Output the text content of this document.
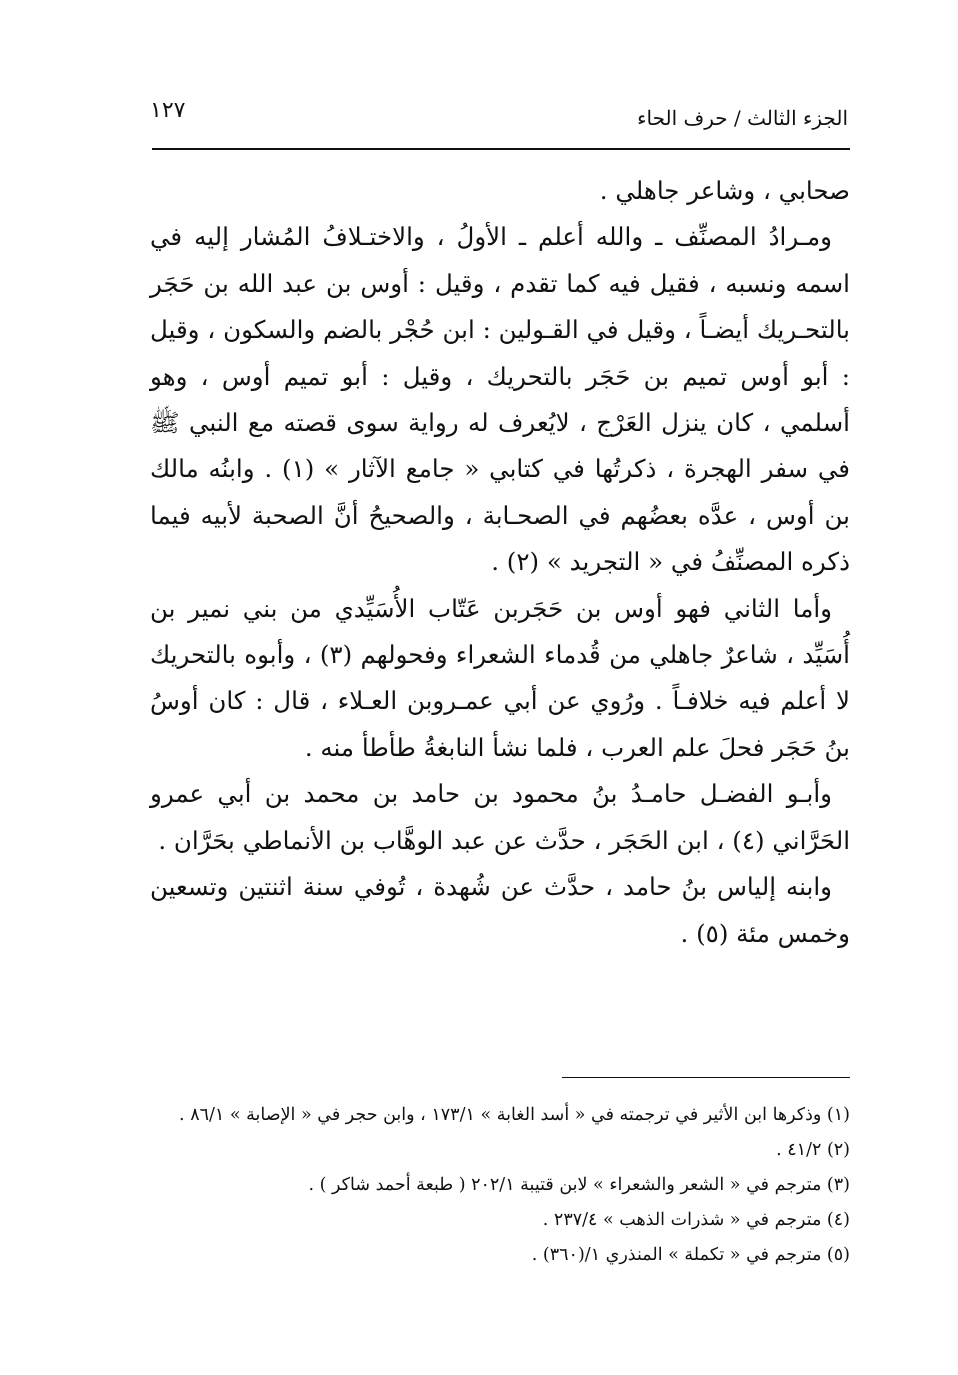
الجزء الثالث / حرف الحاء
١٢٧

صحابي ، وشاعر جاهلي .

ومـرادُ المصنِّف ـ والله أعلم ـ الأولُ ، والاختـلافُ المُشار إليه في اسمه ونسبه ، فقيل فيه كما تقدم ، وقيل : أوس بن عبد الله بن حَجَر بالتحـريك أيضـاً ، وقيل في القـولين : ابن حُجْر بالضم والسكون ، وقيل : أبو أوس تميم بن حَجَر بالتحريك ، وقيل : أبو تميم أوس ، وهو أسلمي ، كان ينزل العَرْج ، لايُعرف له رواية سوى قصته مع النبي ﷺ في سفر الهجرة ، ذكرتُها في كتابي « جامع الآثار » (١) . وابنُه مالك بن أوس ، عدَّه بعضُهم في الصحـابة ، والصحيحُ أنَّ الصحبة لأبيه فيما ذكره المصنِّفُ في « التجريد » (٢) .

وأما الثاني فهو أوس بن حَجَربن عَتّاب الأُسَيِّدي من بني نمير بن أُسَيِّد ، شاعرٌ جاهلي من قُدماء الشعراء وفحولهم (٣) ، وأبوه بالتحريك لا أعلم فيه خلافـاً . ورُوي عن أبي عمـروبن العـلاء ، قال : كان أوسُ بنُ حَجَر فحلَ علم العرب ، فلما نشأ النابغةُ طأطأ منه .

وأبـو الفضـل حامـدُ بنُ محمود بن حامد بن محمد بن أبي عمرو الحَرَّاني (٤) ، ابن الحَجَر ، حدَّث عن عبد الوهَّاب بن الأنماطي بحَرَّان .

وابنه إلياس بنُ حامد ، حدَّث عن شُهدة ، تُوفي سنة اثنتين وتسعين وخمس مئة (٥) .

(١) وذكرها ابن الأثير في ترجمته في « أسد الغابة » ١٧٣/١ ، وابن حجر في « الإصابة » ٨٦/١ .

(٢) ٤١/٢ .

(٣) مترجم في « الشعر والشعراء » لابن قتيبة ٢٠٢/١ ( طبعة أحمد شاكر ) .

(٤) مترجم في « شذرات الذهب » ٢٣٧/٤ .

(٥) مترجم في « تكملة » المنذري ١/(٣٦٠) .
